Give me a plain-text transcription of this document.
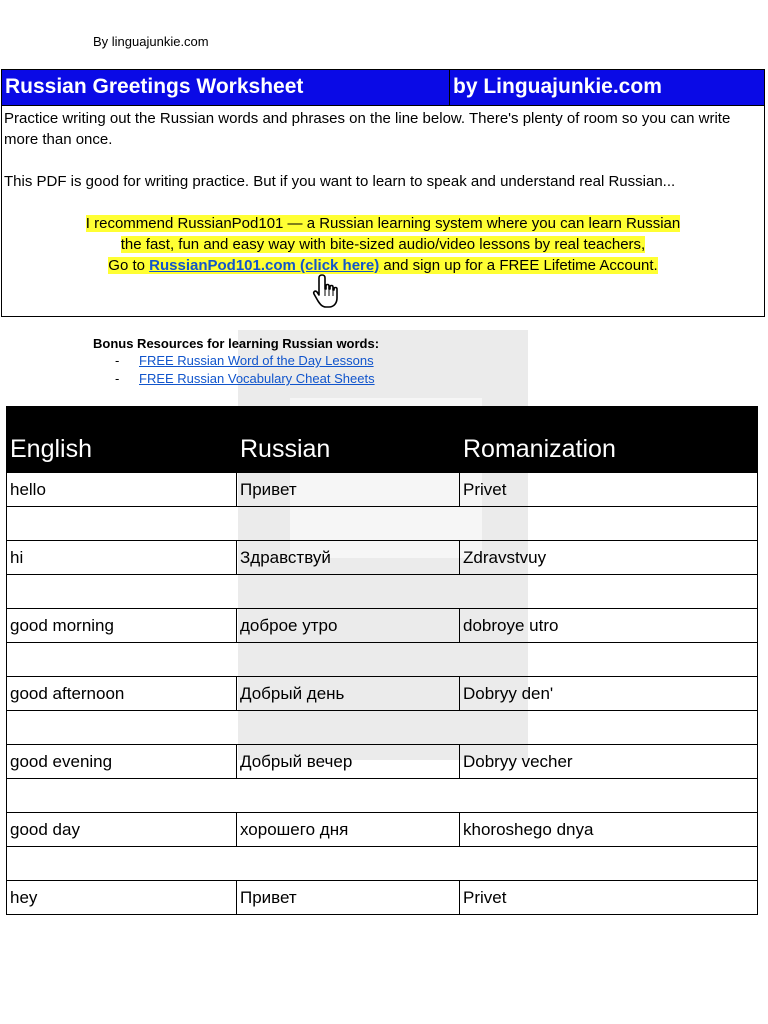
By linguajunkie.com
Russian Greetings Worksheet	by Linguajunkie.com

Practice writing out the Russian words and phrases on the line below. There's plenty of room so you can write more than once.

This PDF is good for writing practice. But if you want to learn to speak and understand real Russian...

I recommend RussianPod101 — a Russian learning system where you can learn Russian

the fast, fun and easy way with bite-sized audio/video lessons by real teachers,

Go to RussianPod101.com (click here) and sign up for a FREE Lifetime Account.

Bonus Resources for learning Russian words:
- FREE Russian Word of the Day Lessons
- FREE Russian Vocabulary Cheat Sheets
English	Russian	Romanization
hello	Привет	Privet

hi	Здравствуй	Zdravstvuy

good morning	доброе утро	dobroye utro

good afternoon	Добрый день	Dobryy den'

good evening	Добрый вечер	Dobryy vecher

good day	хорошего дня	khoroshego dnya

hey	Привет	Privet
